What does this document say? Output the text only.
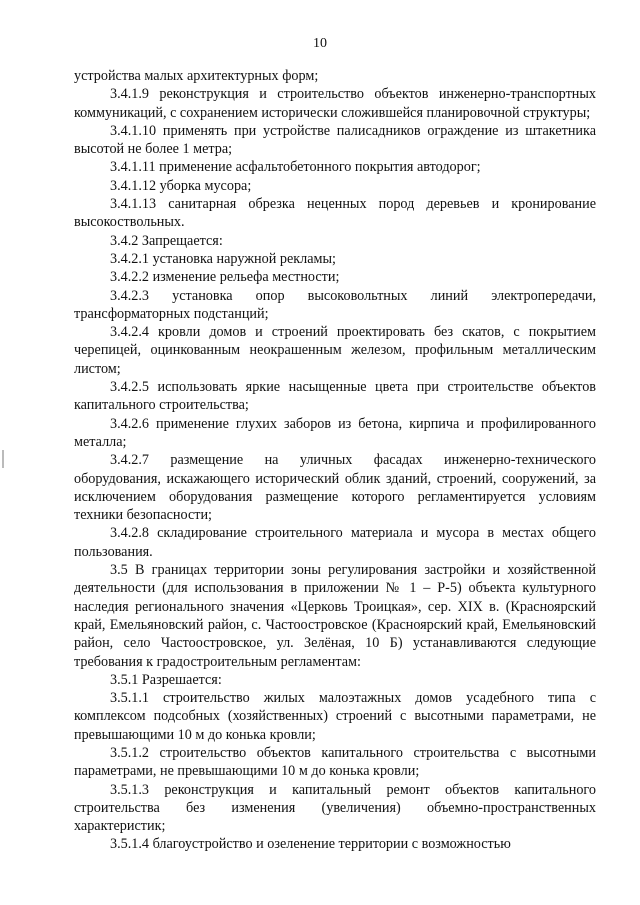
10

устройства малых архитектурных форм;

3.4.1.9 реконструкция и строительство объектов инженерно-транспортных коммуникаций, с сохранением исторически сложившейся планировочной структуры;

3.4.1.10 применять при устройстве палисадников ограждение из штакетника высотой не более 1 метра;

3.4.1.11 применение асфальтобетонного покрытия автодорог;

3.4.1.12 уборка мусора;

3.4.1.13 санитарная обрезка неценных пород деревьев и кронирование высокоствольных.

3.4.2 Запрещается:

3.4.2.1 установка наружной рекламы;

3.4.2.2 изменение рельефа местности;

3.4.2.3 установка опор высоковольтных линий электропередачи, трансформаторных подстанций;

3.4.2.4 кровли домов и строений проектировать без скатов, с покрытием черепицей, оцинкованным неокрашенным железом, профильным металлическим листом;

3.4.2.5 использовать яркие насыщенные цвета при строительстве объектов капитального строительства;

3.4.2.6 применение глухих заборов из бетона, кирпича и профилированного металла;

3.4.2.7 размещение на уличных фасадах инженерно-технического оборудования, искажающего исторический облик зданий, строений, сооружений, за исключением оборудования размещение которого регламентируется условиям техники безопасности;

3.4.2.8 складирование строительного материала и мусора в местах общего пользования.

3.5 В границах территории зоны регулирования застройки и хозяйственной деятельности (для использования в приложении № 1 – Р-5) объекта культурного наследия регионального значения «Церковь Троицкая», сер. XIX в. (Красноярский край, Емельяновский район, с. Частоостровское (Красноярский край, Емельяновский район, село Частоостровское, ул. Зелёная, 10 Б) устанавливаются следующие требования к градостроительным регламентам:

3.5.1 Разрешается:

3.5.1.1 строительство жилых малоэтажных домов усадебного типа с комплексом подсобных (хозяйственных) строений с высотными параметрами, не превышающими 10 м до конька кровли;

3.5.1.2 строительство объектов капитального строительства с высотными параметрами, не превышающими 10 м до конька кровли;

3.5.1.3 реконструкция и капитальный ремонт объектов капитального строительства без изменения (увеличения) объемно-пространственных характеристик;

3.5.1.4 благоустройство и озеленение территории с возможностью
